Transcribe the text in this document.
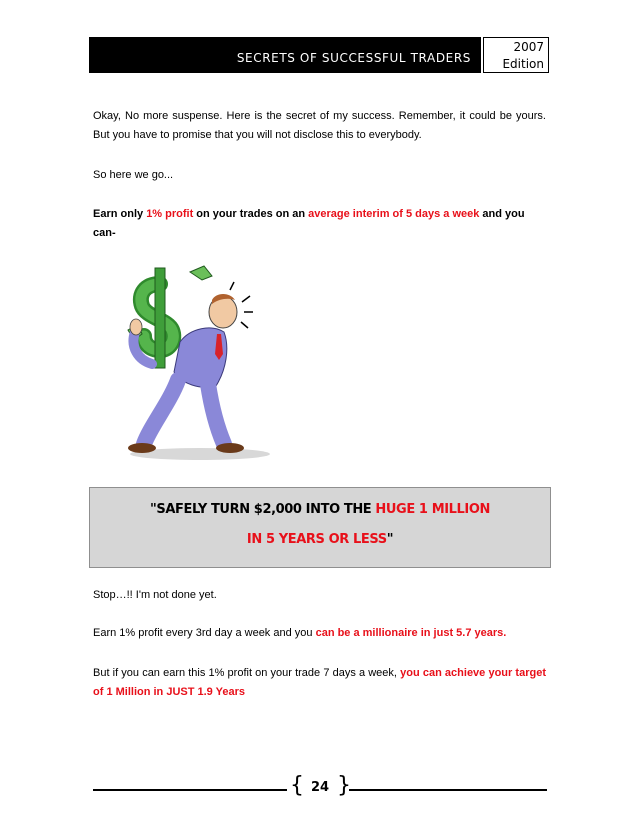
SECRETS OF SUCCESSFUL TRADERS
2007
Edition

Okay, No more suspense. Here is the secret of my success. Remember, it could be yours. But you have to promise that you will not disclose this to everybody.

So here we go...

Earn only 1% profit on your trades on an average interim of 5 days a week and you can-

"SAFELY TURN $2,000 INTO THE HUGE 1 MILLION
IN 5 YEARS OR LESS"

Stop…!! I'm not done yet.

Earn 1% profit every 3rd day a week and you can be a millionaire in just 5.7 years.

But if you can earn this 1% profit on your trade 7 days a week, you can achieve your target of 1 Million in JUST 1.9 Years

{ 24 }
